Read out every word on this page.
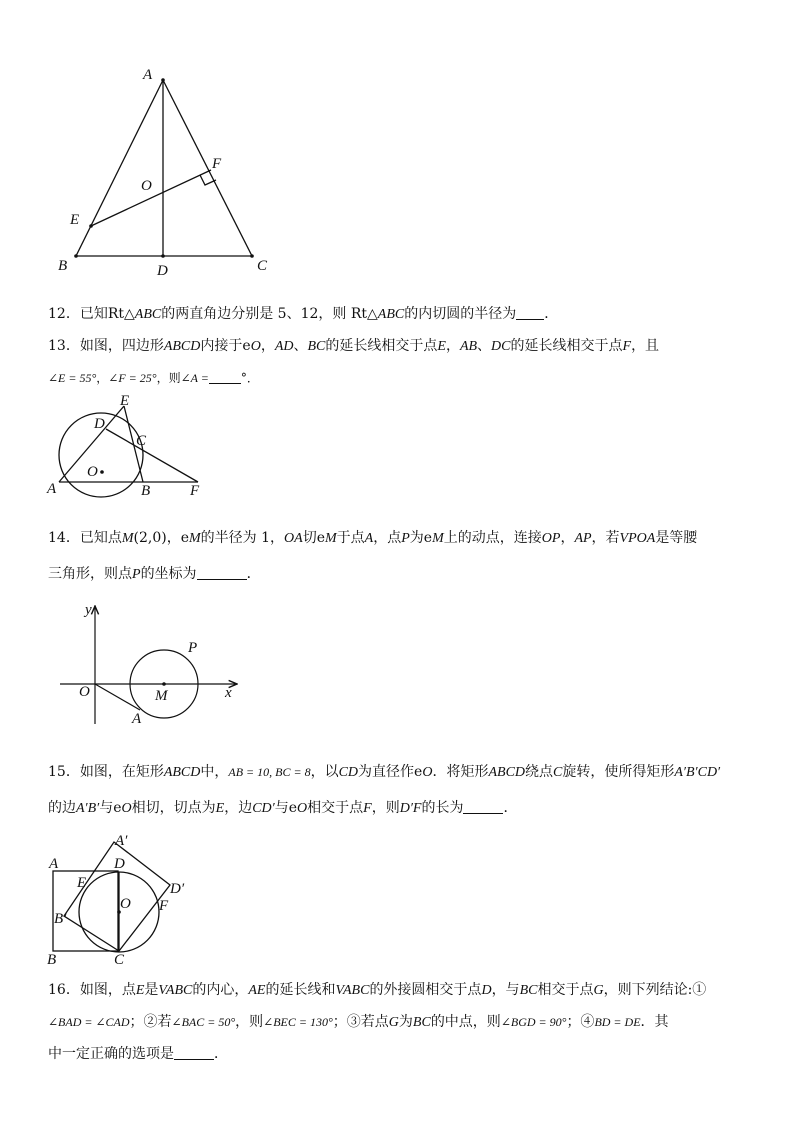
A
O
F
E
B	D	C
12．已知Rt△ABC的两直角边分别是 5、12，则 Rt△ABC的内切圆的半径为 ．
13．如图，四边形ABCD内接于eO，AD、BC的延长线相交于点E，AB、DC的延长线相交于点F，且
∠E = 55°，∠F = 25°，则∠A =	°．
E
D
C
O
A	B	F
14．已知点M(2,0)，eM的半径为 1，OA切eM于点A，点P为eM上的动点，连接OP，AP，若VPOA是等腰
三角形，则点P的坐标为	．
y
P
O	M	x
A
15．如图，在矩形ABCD中，AB = 10, BC = 8，以CD为直径作eO．将矩形ABCD绕点C旋转，使所得矩形A′B′CD′
的边A′B′与eO相切，切点为E，边CD′与eO相交于点F，则D′F的长为	．
A′
A	D
E	D′
O F
B′
B	C
16．如图，点E是VABC的内心，AE的延长线和VABC的外接圆相交于点D，与BC相交于点G，则下列结论:①
∠BAD = ∠CAD；②若∠BAC = 50°，则∠BEC = 130°；③若点G为BC的中点，则∠BGD = 90°；④BD = DE．其
中一定正确的选项是	．
